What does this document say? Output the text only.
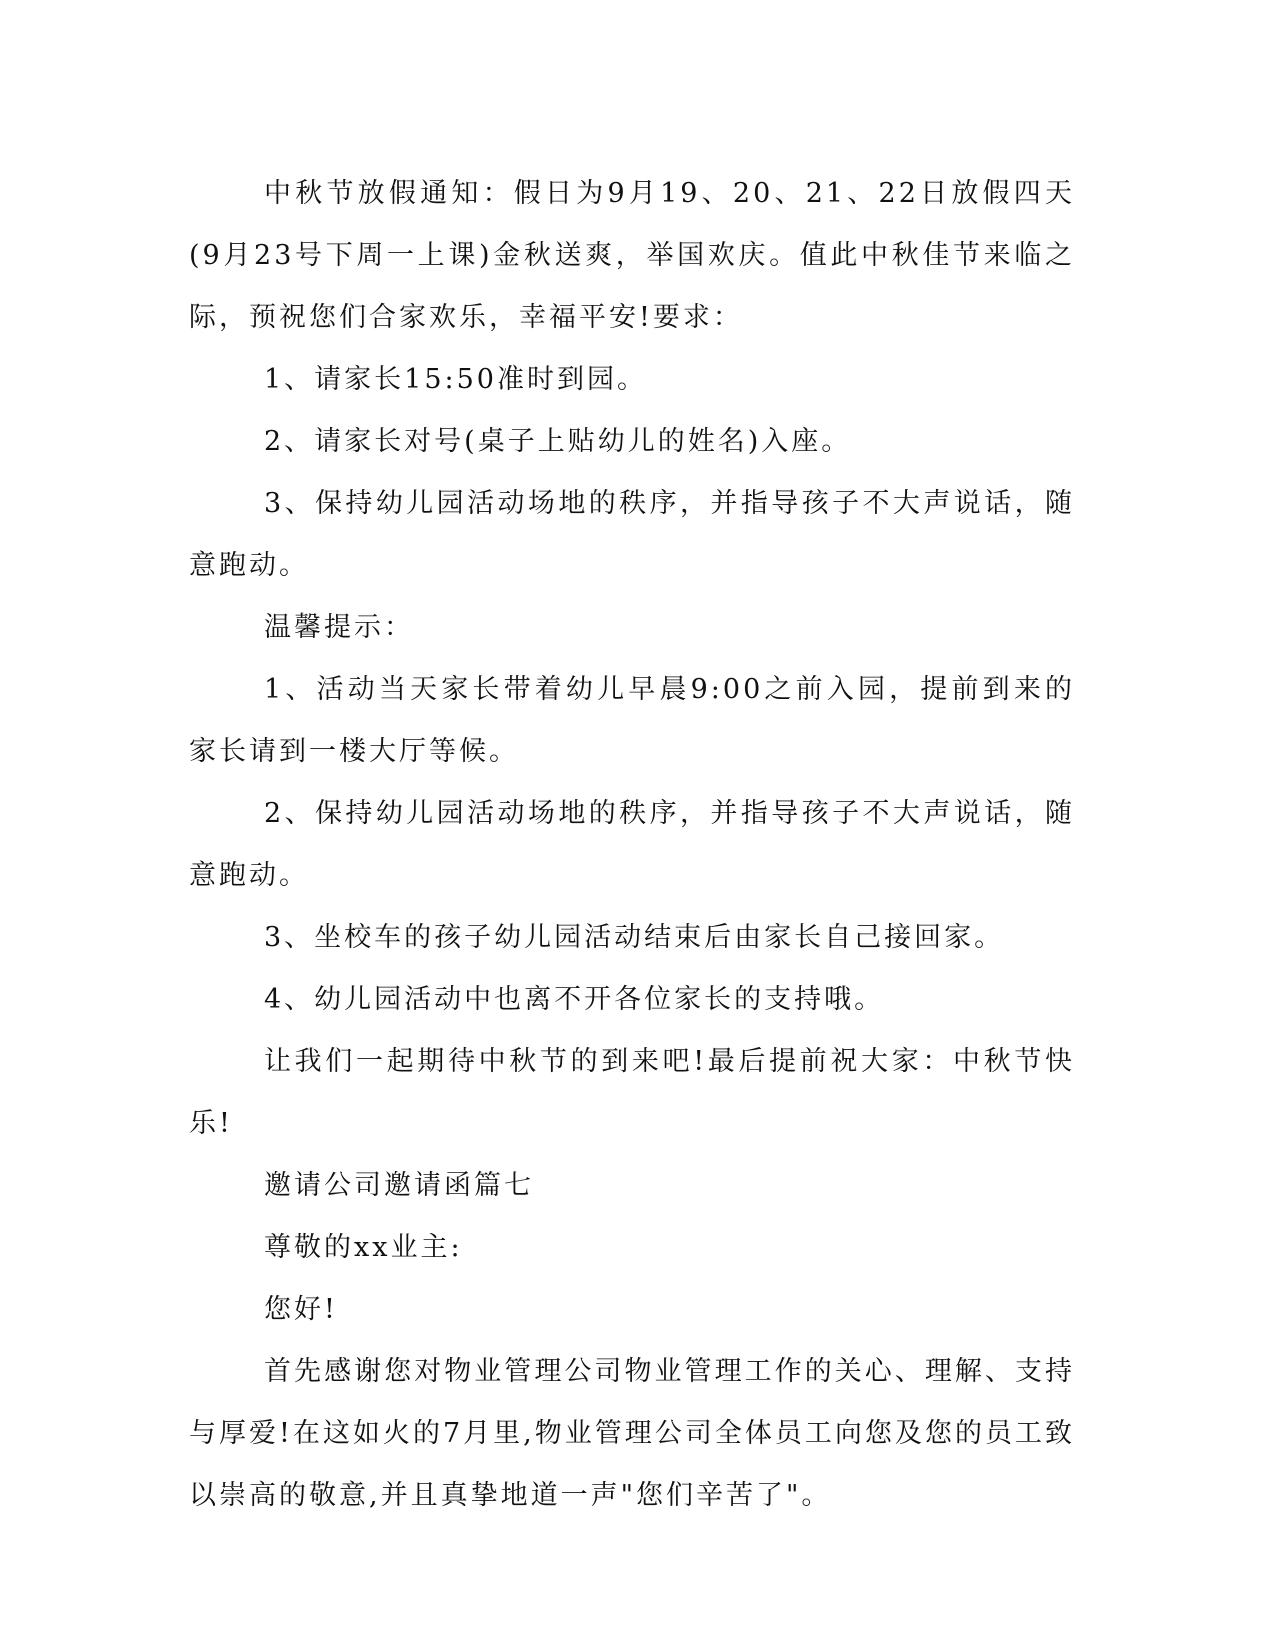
中秋节放假通知：假日为9月19、20、21、22日放假四天(9月23号下周一上课)金秋送爽，举国欢庆。值此中秋佳节来临之际，预祝您们合家欢乐，幸福平安!要求：

1、请家长15:50准时到园。

2、请家长对号(桌子上贴幼儿的姓名)入座。

3、保持幼儿园活动场地的秩序，并指导孩子不大声说话，随意跑动。

温馨提示：

1、活动当天家长带着幼儿早晨9:00之前入园，提前到来的家长请到一楼大厅等候。

2、保持幼儿园活动场地的秩序，并指导孩子不大声说话，随意跑动。

3、坐校车的孩子幼儿园活动结束后由家长自己接回家。

4、幼儿园活动中也离不开各位家长的支持哦。

让我们一起期待中秋节的到来吧!最后提前祝大家：中秋节快乐!

邀请公司邀请函篇七

尊敬的xx业主:

您好!

首先感谢您对物业管理公司物业管理工作的关心、理解、支持与厚爱!在这如火的7月里,物业管理公司全体员工向您及您的员工致以崇高的敬意,并且真挚地道一声"您们辛苦了"。
